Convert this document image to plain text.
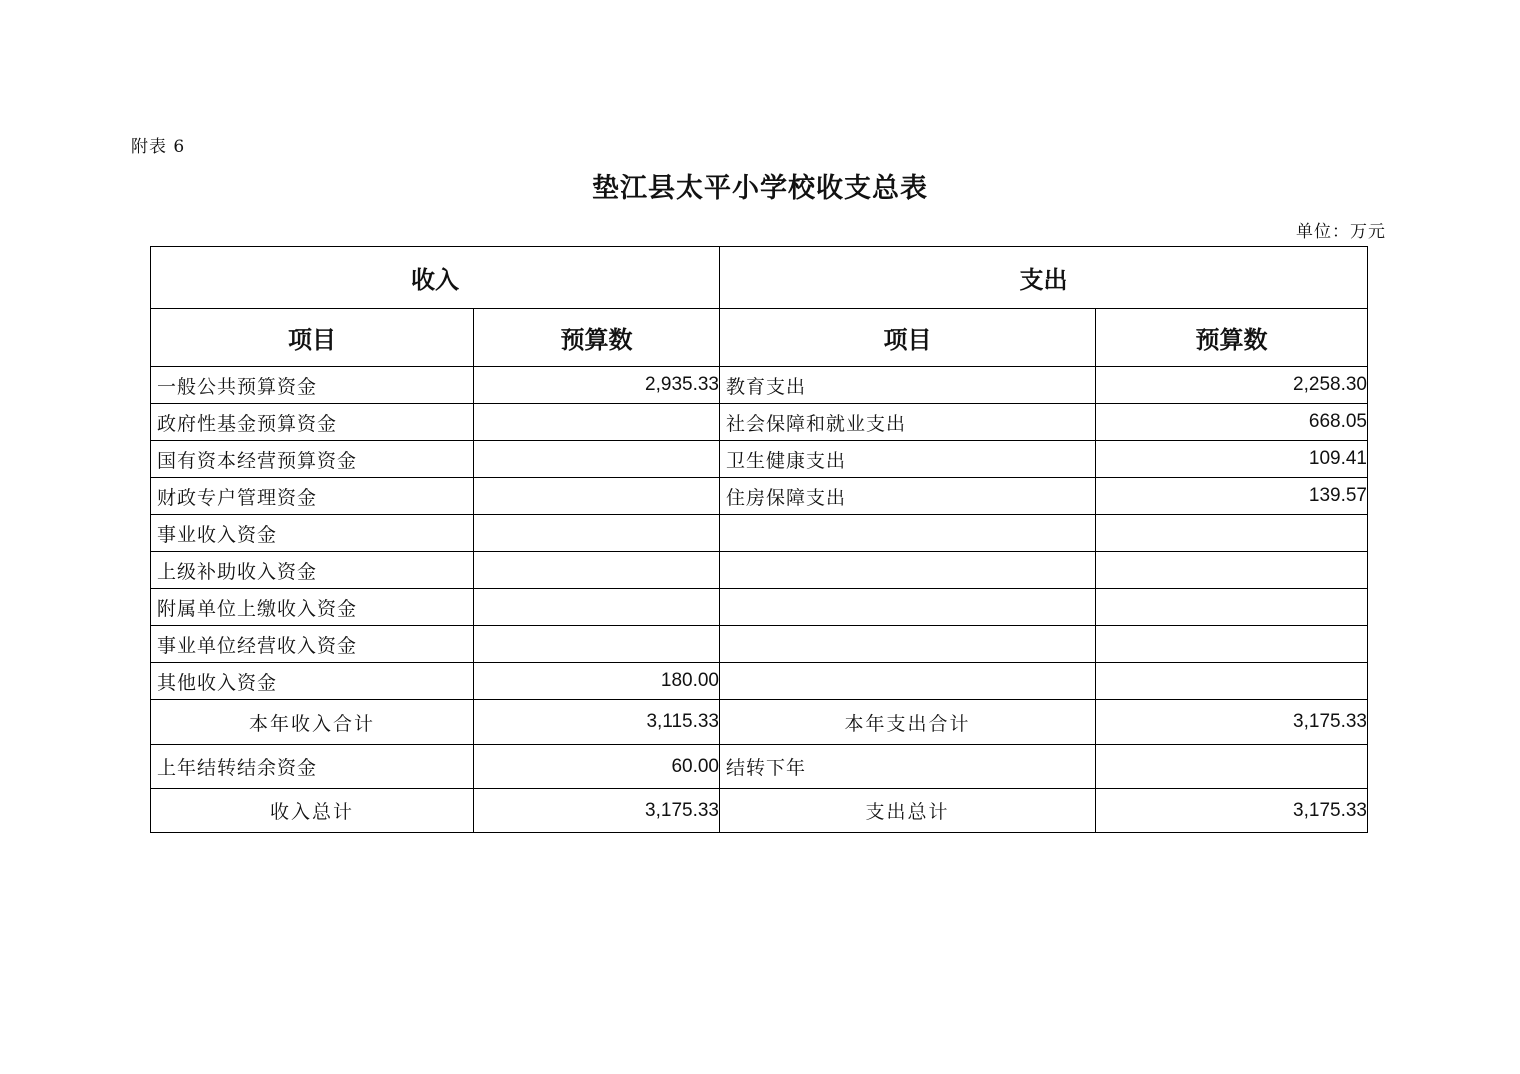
附表 6
垫江县太平小学校收支总表
单位：万元
收入		支出	
项目	预算数	项目	预算数
一般公共预算资金	2,935.33	教育支出	2,258.30
政府性基金预算资金		社会保障和就业支出	668.05
国有资本经营预算资金		卫生健康支出	109.41
财政专户管理资金		住房保障支出	139.57
事业收入资金			
上级补助收入资金			
附属单位上缴收入资金			
事业单位经营收入资金			
其他收入资金	180.00		
本年收入合计	3,115.33	本年支出合计	3,175.33
上年结转结余资金	60.00	结转下年	
收入总计	3,175.33	支出总计	3,175.33
